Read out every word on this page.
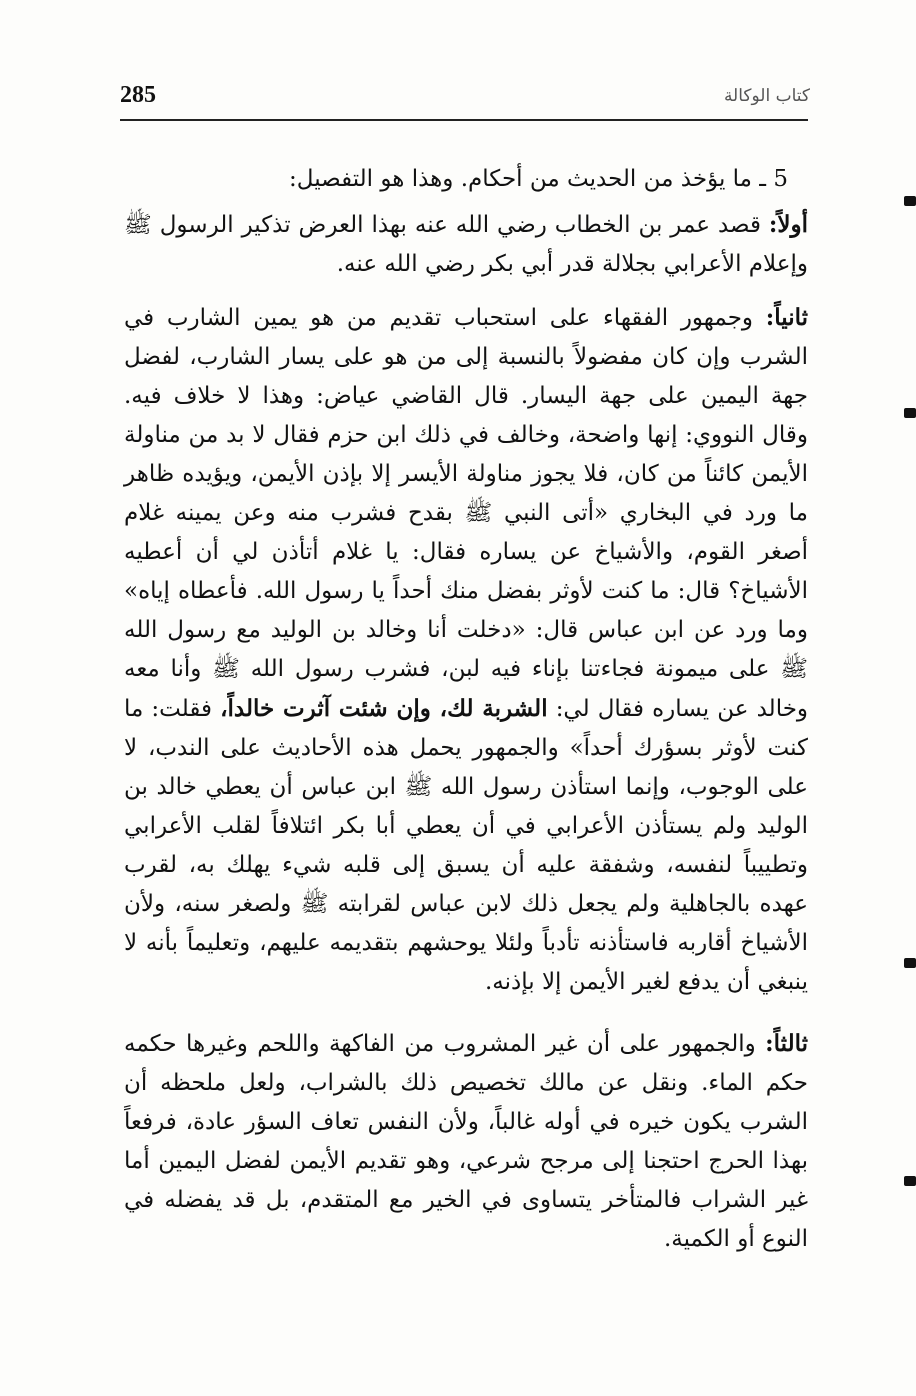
285	كتاب الوكالة

5 ـ ما يؤخذ من الحديث من أحكام. وهذا هو التفصيل:

أولاً: قصد عمر بن الخطاب رضي الله عنه بهذا العرض تذكير الرسول ﷺ وإعلام الأعرابي بجلالة قدر أبي بكر رضي الله عنه.

ثانياً: وجمهور الفقهاء على استحباب تقديم من هو يمين الشارب في الشرب وإن كان مفضولاً بالنسبة إلى من هو على يسار الشارب، لفضل جهة اليمين على جهة اليسار. قال القاضي عياض: وهذا لا خلاف فيه. وقال النووي: إنها واضحة، وخالف في ذلك ابن حزم فقال لا بد من مناولة الأيمن كائناً من كان، فلا يجوز مناولة الأيسر إلا بإذن الأيمن، ويؤيده ظاهر ما ورد في البخاري «أتى النبي ﷺ بقدح فشرب منه وعن يمينه غلام أصغر القوم، والأشياخ عن يساره فقال: يا غلام أتأذن لي أن أعطيه الأشياخ؟ قال: ما كنت لأوثر بفضل منك أحداً يا رسول الله. فأعطاه إياه» وما ورد عن ابن عباس قال: «دخلت أنا وخالد بن الوليد مع رسول الله ﷺ على ميمونة فجاءتنا بإناء فيه لبن، فشرب رسول الله ﷺ وأنا معه وخالد عن يساره فقال لي: الشربة لك، وإن شئت آثرت خالداً، فقلت: ما كنت لأوثر بسؤرك أحداً» والجمهور يحمل هذه الأحاديث على الندب، لا على الوجوب، وإنما استأذن رسول الله ﷺ ابن عباس أن يعطي خالد بن الوليد ولم يستأذن الأعرابي في أن يعطي أبا بكر ائتلافاً لقلب الأعرابي وتطييباً لنفسه، وشفقة عليه أن يسبق إلى قلبه شيء يهلك به، لقرب عهده بالجاهلية ولم يجعل ذلك لابن عباس لقرابته ﷺ ولصغر سنه، ولأن الأشياخ أقاربه فاستأذنه تأدباً ولئلا يوحشهم بتقديمه عليهم، وتعليماً بأنه لا ينبغي أن يدفع لغير الأيمن إلا بإذنه.

ثالثاً: والجمهور على أن غير المشروب من الفاكهة واللحم وغيرها حكمه حكم الماء. ونقل عن مالك تخصيص ذلك بالشراب، ولعل ملحظه أن الشرب يكون خيره في أوله غالباً، ولأن النفس تعاف السؤر عادة، فرفعاً بهذا الحرج احتجنا إلى مرجح شرعي، وهو تقديم الأيمن لفضل اليمين أما غير الشراب فالمتأخر يتساوى في الخير مع المتقدم، بل قد يفضله في النوع أو الكمية.
